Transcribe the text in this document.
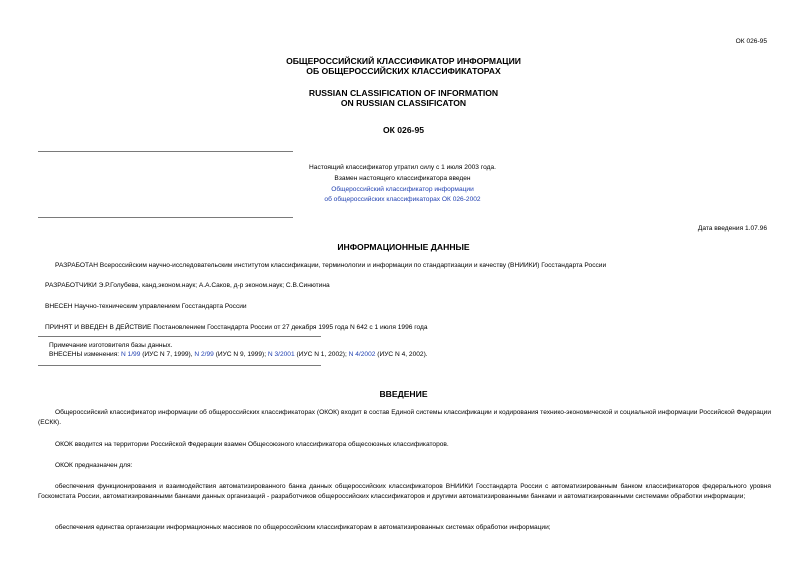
ОК 026-95
ОБЩЕРОССИЙСКИЙ КЛАССИФИКАТОР ИНФОРМАЦИИ
ОБ ОБЩЕРОССИЙСКИХ КЛАССИФИКАТОРАХ
RUSSIAN CLASSIFICATION OF INFORMATION
ON RUSSIAN CLASSIFICATON
ОК 026-95
Настоящий классификатор утратил силу с 1 июля 2003 года.
Взамен настоящего классификатора введен
Общероссийский классификатор информации
об общероссийских классификаторах ОК 026-2002
Дата введения 1.07.96
ИНФОРМАЦИОННЫЕ ДАННЫЕ
РАЗРАБОТАН Всероссийским научно-исследовательским институтом классификации, терминологии и информации по стандартизации и качеству (ВНИИКИ) Госстандарта России
РАЗРАБОТЧИКИ Э.Р.Голубева, канд.эконом.наук; А.А.Саков, д-р эконом.наук; С.В.Синютина
ВНЕСЕН Научно-техническим управлением Госстандарта России
ПРИНЯТ И ВВЕДЕН В ДЕЙСТВИЕ Постановлением Госстандарта России от 27 декабря 1995 года N 642 с 1 июля 1996 года
Примечание изготовителя базы данных.
ВНЕСЕНЫ изменения: N 1/99 (ИУС N 7, 1999), N 2/99 (ИУС N 9, 1999); N 3/2001 (ИУС N 1, 2002); N 4/2002 (ИУС N 4, 2002).
ВВЕДЕНИЕ
Общероссийский классификатор информации об общероссийских классификаторах (ОКОК) входит в состав Единой системы классификации и кодирования технико-экономической и социальной информации Российской Федерации (ЕСКК).
ОКОК вводится на территории Российской Федерации взамен Общесоюзного классификатора общесоюзных классификаторов.
ОКОК предназначен для:
обеспечения функционирования и взаимодействия автоматизированного банка данных общероссийских классификаторов ВНИИКИ Госстандарта России с автоматизированным банком классификаторов федерального уровня Госкомстата России, автоматизированными банками данных организаций - разработчиков общероссийских классификаторов и другими автоматизированными банками и автоматизированными системами обработки информации;
обеспечения единства организации информационных массивов по общероссийским классификаторам в автоматизированных системах обработки информации;
